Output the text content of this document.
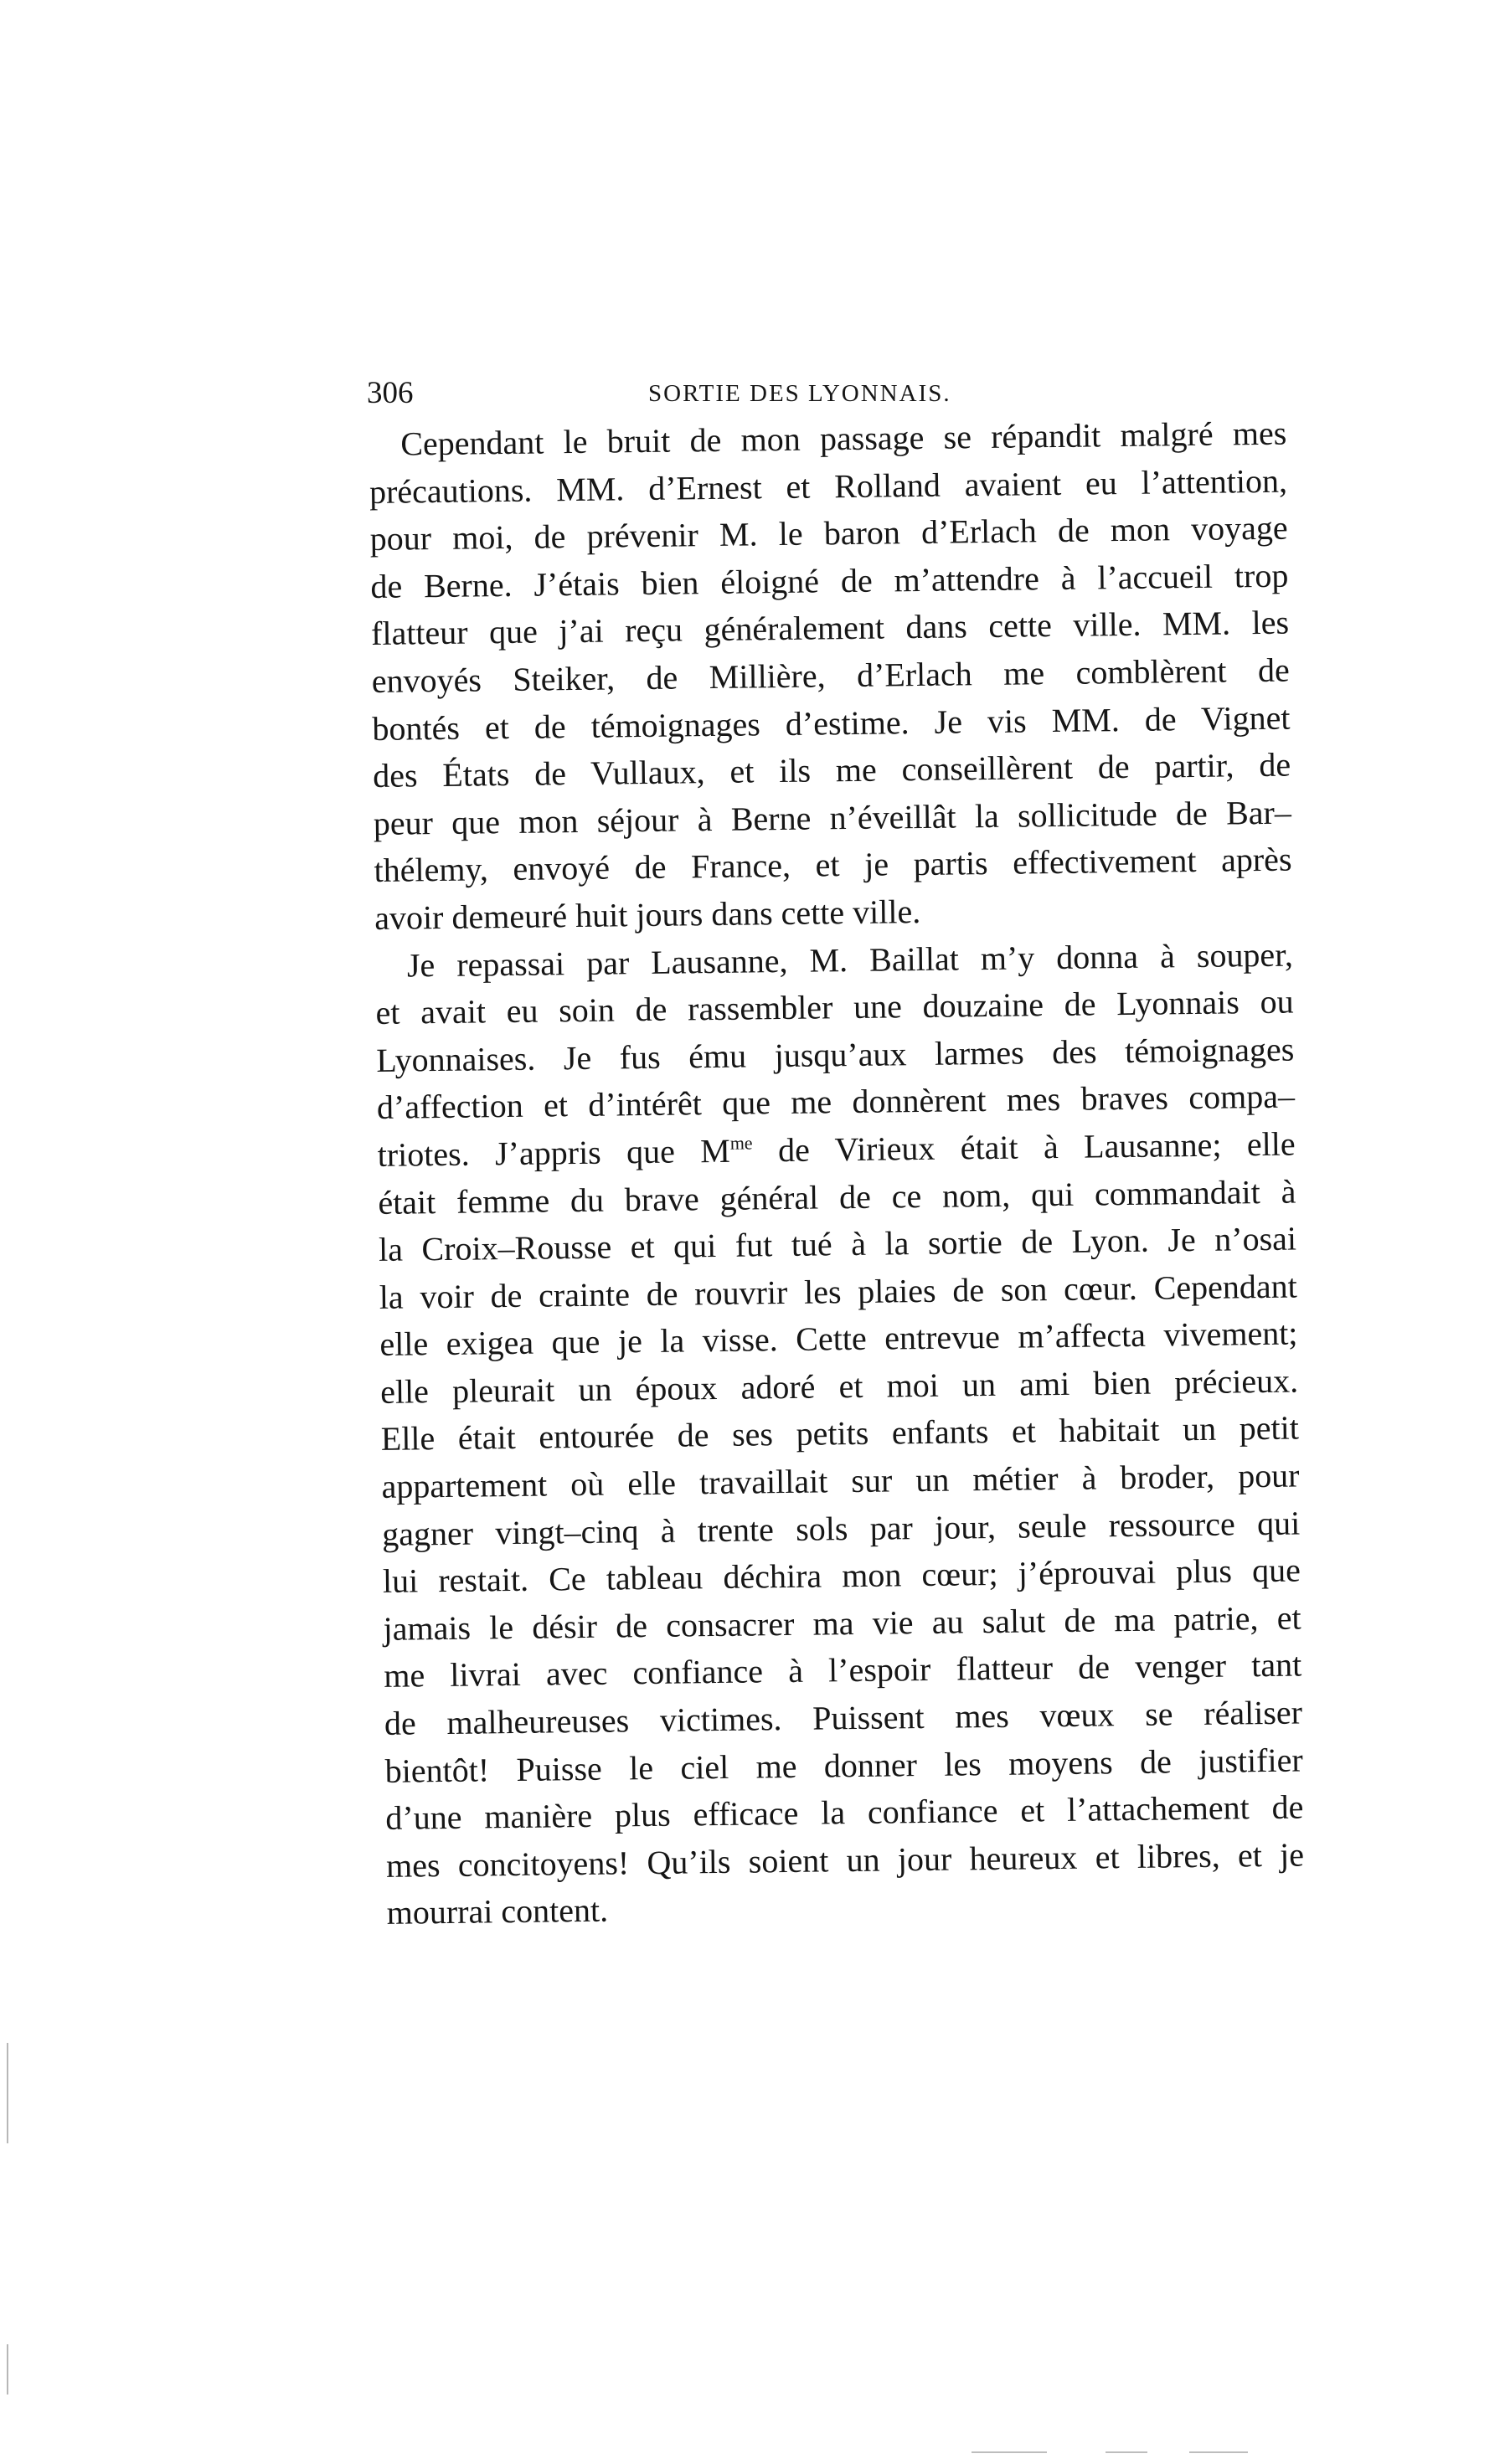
306	SORTIE DES LYONNAIS.
Cependant le bruit de mon passage se répandit malgré mes
précautions. MM. d’Ernest et Rolland avaient eu l’attention,
pour moi, de prévenir M. le baron d’Erlach de mon voyage
de Berne. J’étais bien éloigné de m’attendre à l’accueil trop
flatteur que j’ai reçu généralement dans cette ville. MM. les
envoyés Steiker, de Millière, d’Erlach me comblèrent de
bontés et de témoignages d’estime. Je vis MM. de Vignet
des États de Vullaux, et ils me conseillèrent de partir, de
peur que mon séjour à Berne n’éveillât la sollicitude de Bar–
thélemy, envoyé de France, et je partis effectivement après
avoir demeuré huit jours dans cette ville.
Je repassai par Lausanne, M. Baillat m’y donna à souper,
et avait eu soin de rassembler une douzaine de Lyonnais ou
Lyonnaises. Je fus ému jusqu’aux larmes des témoignages
d’affection et d’intérêt que me donnèrent mes braves compa–
triotes. J’appris que $M^{me}$ de Virieux était à Lausanne; elle
était femme du brave général de ce nom, qui commandait à
la Croix–Rousse et qui fut tué à la sortie de Lyon. Je n’osai
la voir de crainte de rouvrir les plaies de son cœur. Cependant
elle exigea que je la visse. Cette entrevue m’affecta vivement;
elle pleurait un époux adoré et moi un ami bien précieux.
Elle était entourée de ses petits enfants et habitait un petit
appartement où elle travaillait sur un métier à broder, pour
gagner vingt–cinq à trente sols par jour, seule ressource qui
lui restait. Ce tableau déchira mon cœur; j’éprouvai plus que
jamais le désir de consacrer ma vie au salut de ma patrie, et
me livrai avec confiance à l’espoir flatteur de venger tant
de malheureuses victimes. Puissent mes vœux se réaliser
bientôt! Puisse le ciel me donner les moyens de justifier
d’une manière plus efficace la confiance et l’attachement de
mes concitoyens! Qu’ils soient un jour heureux et libres, et je
mourrai content.
